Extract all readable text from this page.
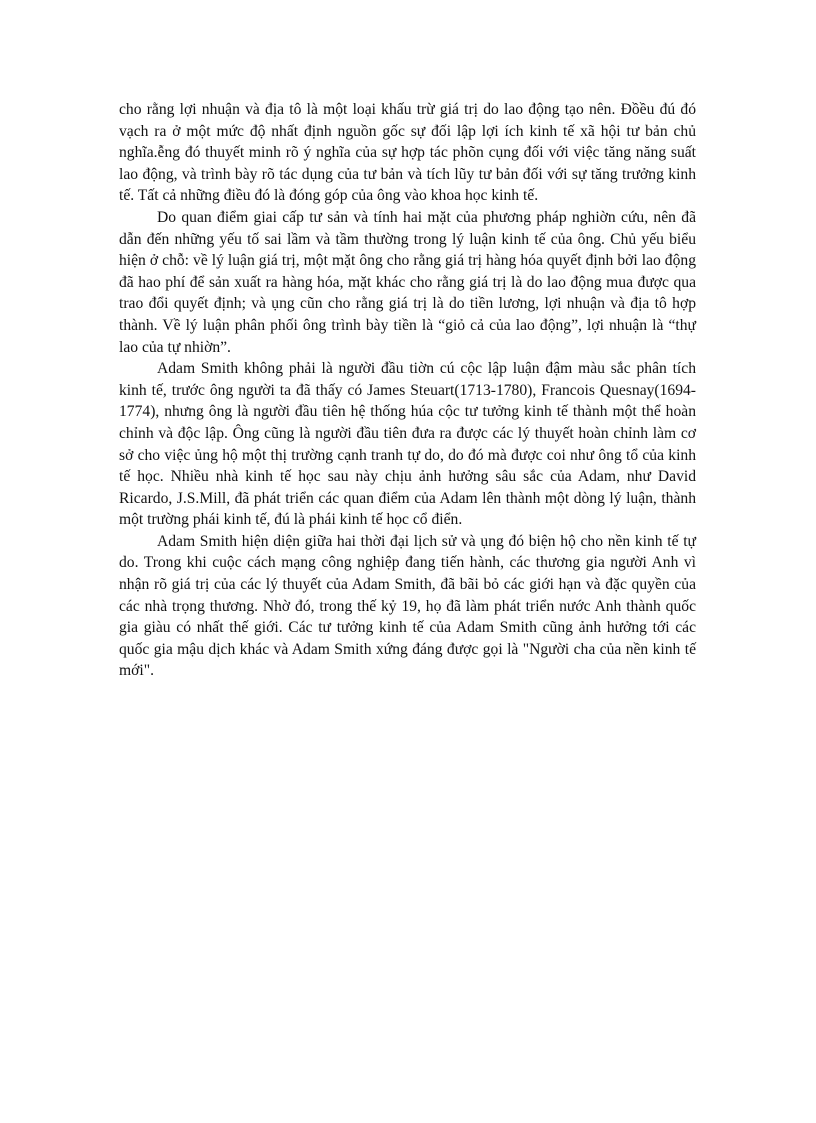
cho rằng lợi nhuận và địa tô là một loại khấu trừ giá trị do lao động tạo nên. Đồều đú đó vạch ra ở một mức độ nhất định nguồn gốc sự đối lập lợi ích kinh tế xã hội tư bản chủ nghĩa.ễng đó thuyết minh rõ ý nghĩa của sự hợp tác phõn cụng đối với việc tăng năng suất lao động, và trình bày rõ tác dụng của tư bản và tích lũy tư bản đối với sự tăng trưởng kinh tế. Tất cả những điều đó là đóng góp của ông vào khoa học kinh tế.

Do quan điểm giai cấp tư sản và tính hai mặt của phương pháp nghiờn cứu, nên đã dẫn đến những yếu tố sai lầm và tầm thường trong lý luận kinh tế của ông. Chủ yếu biểu hiện ở chỗ: về lý luận giá trị, một mặt ông cho rằng giá trị hàng hóa quyết định bởi lao động đã hao phí để sản xuất ra hàng hóa, mặt khác cho rằng giá trị là do lao động mua được qua trao đổi quyết định; và ụng cũn cho rằng giá trị là do tiền lương, lợi nhuận và địa tô hợp thành. Về lý luận phân phối ông trình bày tiền là “giỏ cả của lao động”, lợi nhuận là “thự lao của tự nhiờn”.

Adam Smith không phải là người đầu tiờn cú cộc lập luận đậm màu sắc phân tích kinh tế, trước ông người ta đã thấy có James Steuart(1713-1780), Francois Quesnay(1694-1774), nhưng ông là người đầu tiên hệ thống húa cộc tư tưởng kinh tế thành một thể hoàn chỉnh và độc lập. Ông cũng là người đầu tiên đưa ra được các lý thuyết hoàn chỉnh làm cơ sở cho việc ủng hộ một thị trường cạnh tranh tự do, do đó mà được coi như ông tổ của kinh tế học. Nhiều nhà kinh tế học sau này chịu ảnh hưởng sâu sắc của Adam, như David Ricardo, J.S.Mill, đã phát triển các quan điểm của Adam lên thành một dòng lý luận, thành một trường phái kinh tế, đú là phái kinh tế học cổ điển.

Adam Smith hiện diện giữa hai thời đại lịch sử và ụng đó biện hộ cho nền kinh tế tự do. Trong khi cuộc cách mạng công nghiệp đang tiến hành, các thương gia người Anh vì nhận rõ giá trị của các lý thuyết của Adam Smith, đã bãi bỏ các giới hạn và đặc quyền của các nhà trọng thương. Nhờ đó, trong thế kỷ 19, họ đã làm phát triển nước Anh thành quốc gia giàu có nhất thế giới. Các tư tưởng kinh tế của Adam Smith cũng ảnh hưởng tới các quốc gia mậu dịch khác và Adam Smith xứng đáng được gọi là "Người cha của nền kinh tế mới".
